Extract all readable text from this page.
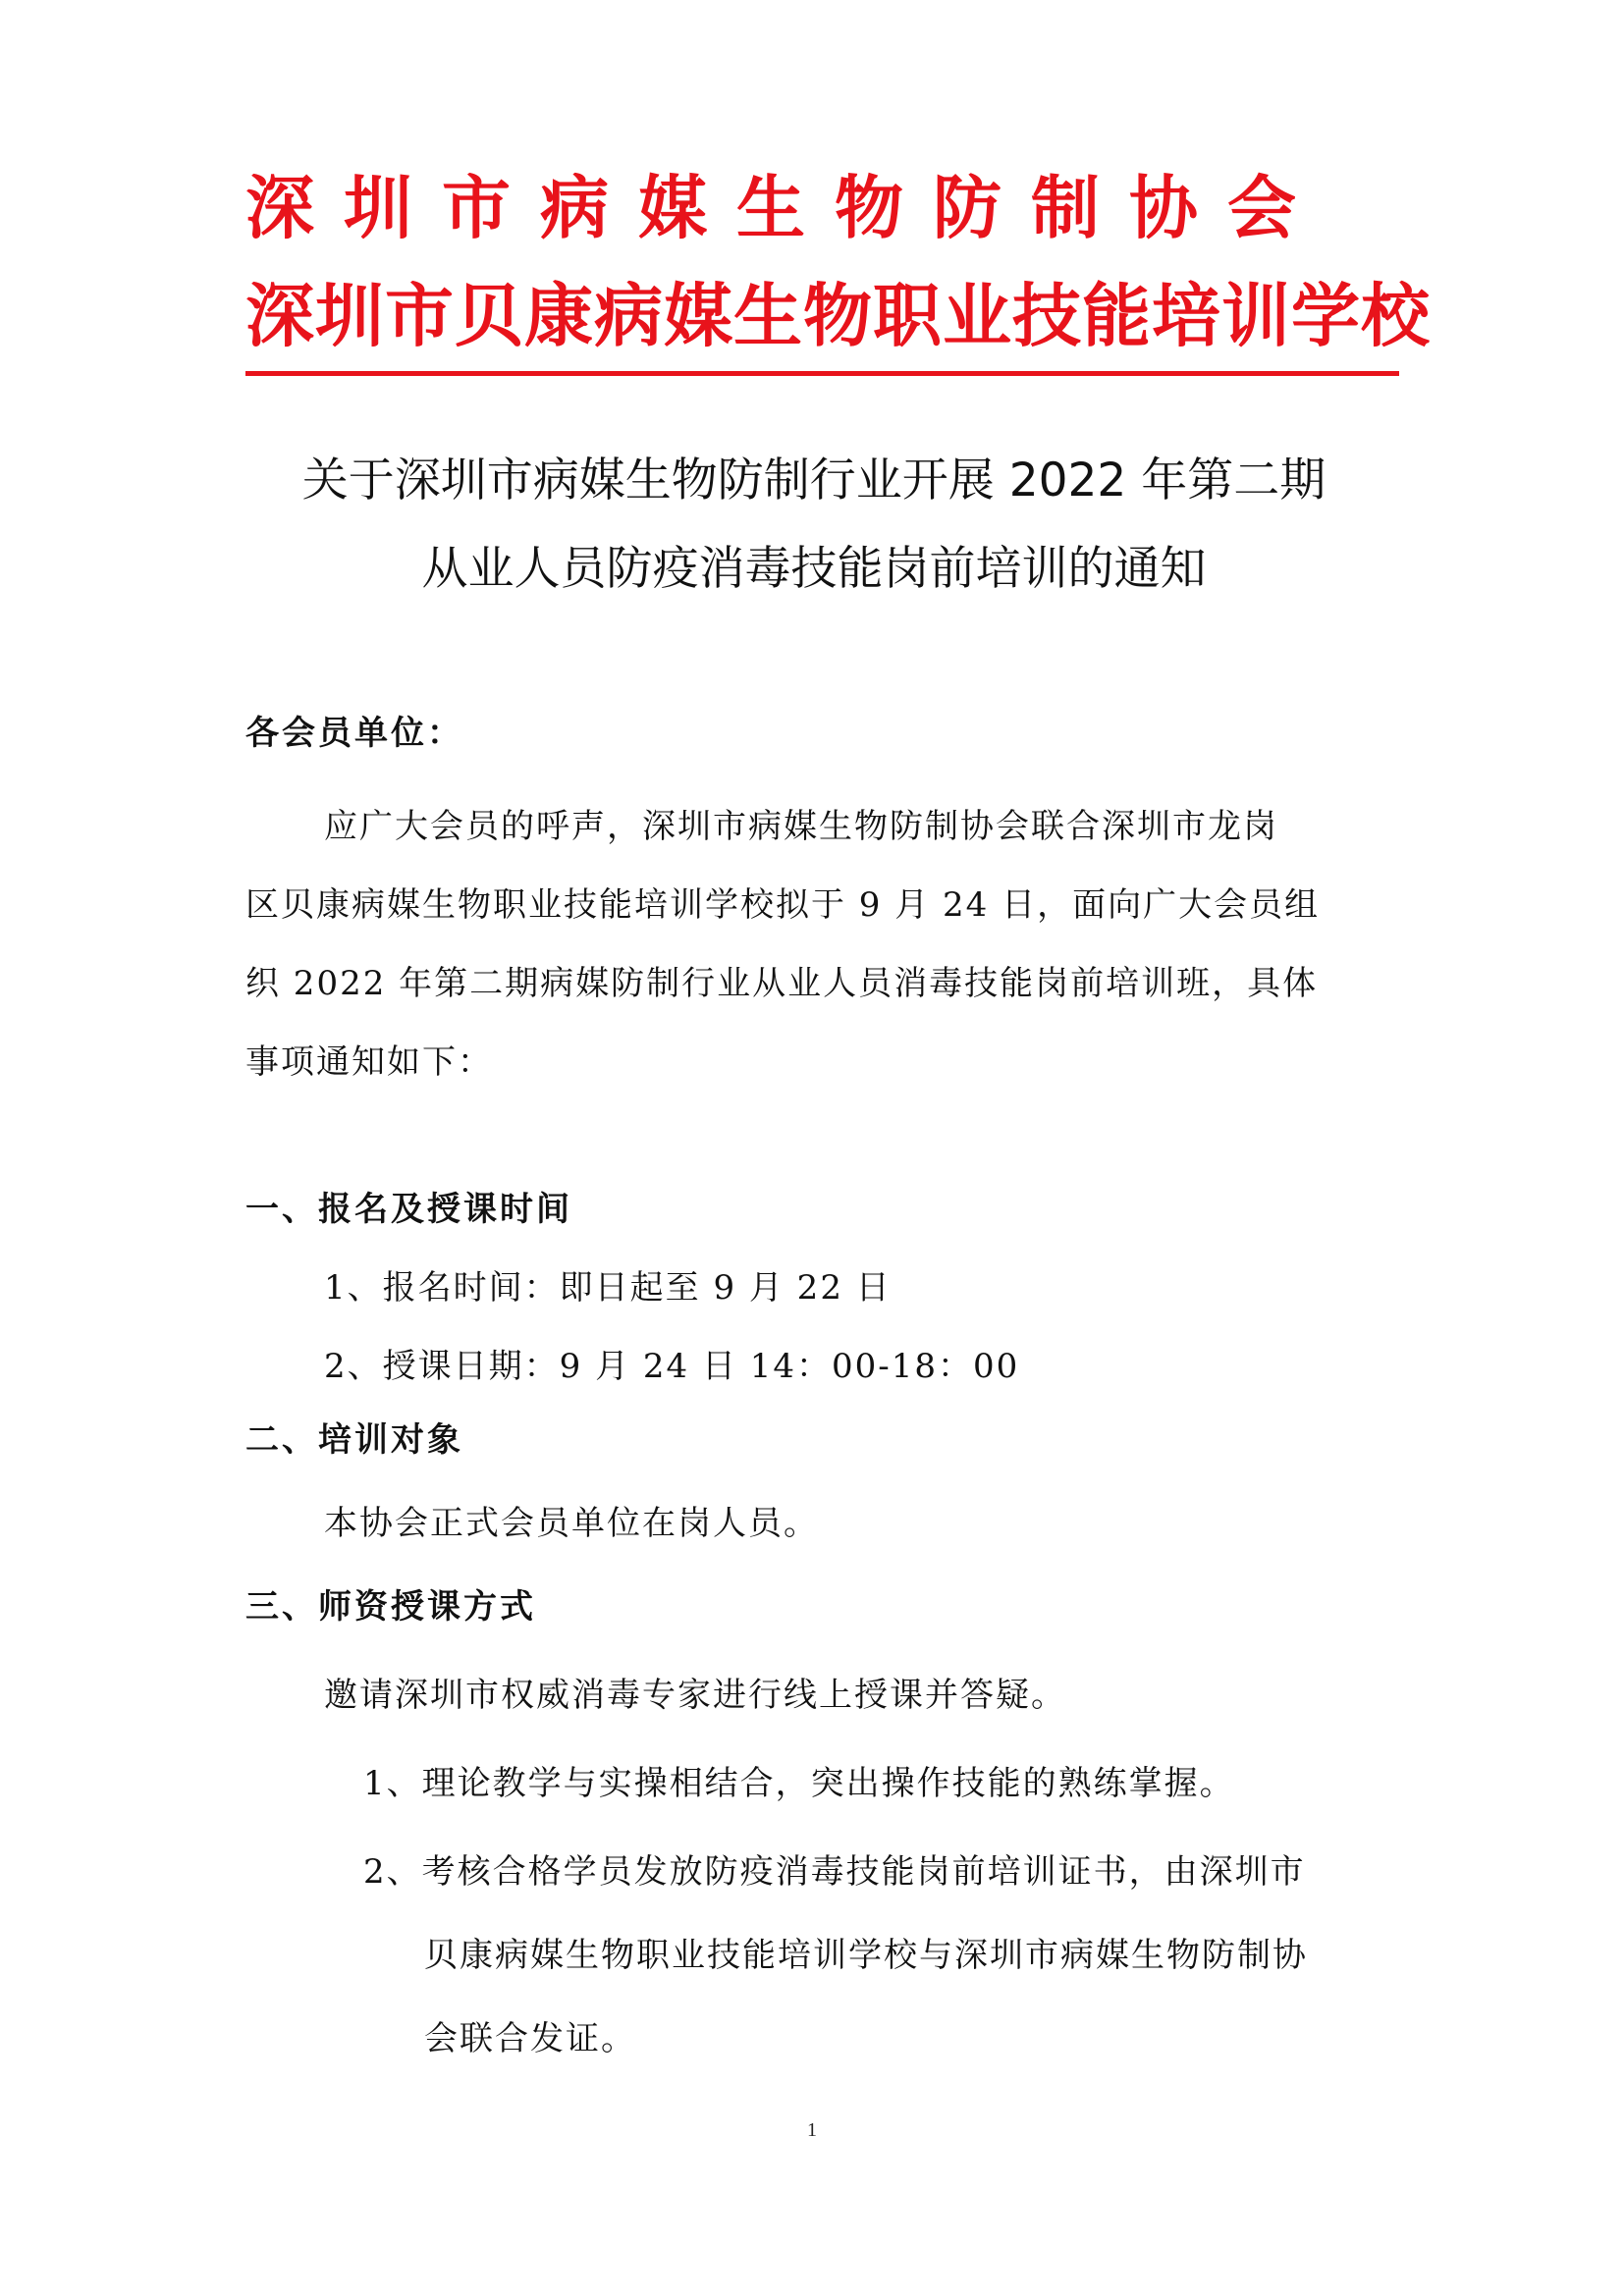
深圳市病媒生物防制协会
深圳市贝康病媒生物职业技能培训学校
关于深圳市病媒生物防制行业开展 2022 年第二期
从业人员防疫消毒技能岗前培训的通知
各会员单位：
应广大会员的呼声，深圳市病媒生物防制协会联合深圳市龙岗
区贝康病媒生物职业技能培训学校拟于 9 月 24 日，面向广大会员组
织 2022 年第二期病媒防制行业从业人员消毒技能岗前培训班，具体
事项通知如下：
一、报名及授课时间
1、报名时间：即日起至 9 月 22 日
2、授课日期：9 月 24 日 14：00-18：00
二、培训对象
本协会正式会员单位在岗人员。
三、师资授课方式
邀请深圳市权威消毒专家进行线上授课并答疑。
1、理论教学与实操相结合，突出操作技能的熟练掌握。
2、考核合格学员发放防疫消毒技能岗前培训证书，由深圳市
贝康病媒生物职业技能培训学校与深圳市病媒生物防制协
会联合发证。
1
